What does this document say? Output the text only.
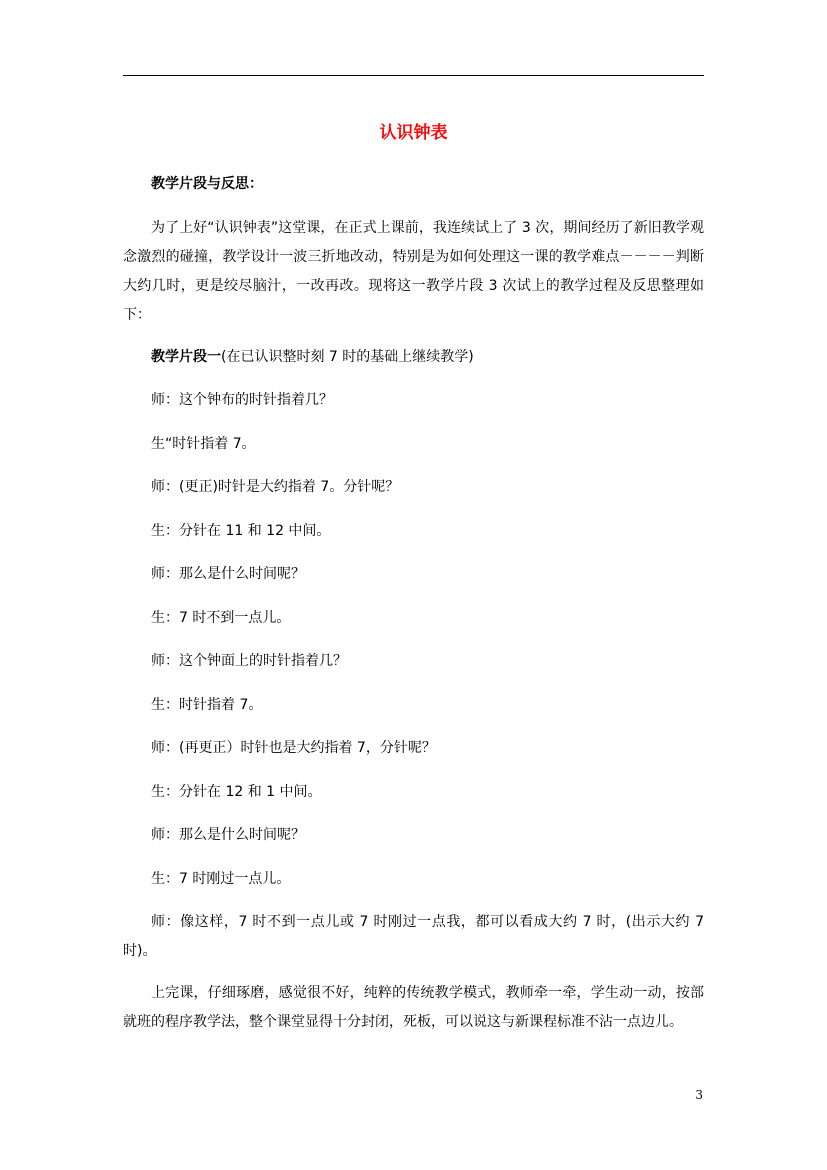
认识钟表

教学片段与反思：

为了上好“认识钟表”这堂课，在正式上课前，我连续试上了 3 次，期间经历了新旧教学观念激烈的碰撞，教学设计一波三折地改动，特别是为如何处理这一课的教学难点－－－－判断大约几时，更是绞尽脑汁，一改再改。现将这一教学片段 3 次试上的教学过程及反思整理如下：

教学片段一(在已认识整时刻 7 时的基础上继续教学)

师：这个钟布的时针指着几？

生“时针指着 7。

师：(更正)时针是大约指着 7。分针呢？

生：分针在 11 和 12 中间。

师：那么是什么时间呢？

生：7 时不到一点儿。

师：这个钟面上的时针指着几？

生：时针指着 7。

师：(再更正）时针也是大约指着 7，分针呢？

生：分针在 12 和 1 中间。

师：那么是什么时间呢？

生：7 时刚过一点儿。

师：像这样，7 时不到一点儿或 7 时刚过一点我，都可以看成大约 7 时，(出示大约 7 时)。

上完课，仔细琢磨，感觉很不好，纯粹的传统教学模式，教师牵一牵，学生动一动，按部就班的程序教学法，整个课堂显得十分封闭，死板，可以说这与新课程标准不沾一点边儿。

3
